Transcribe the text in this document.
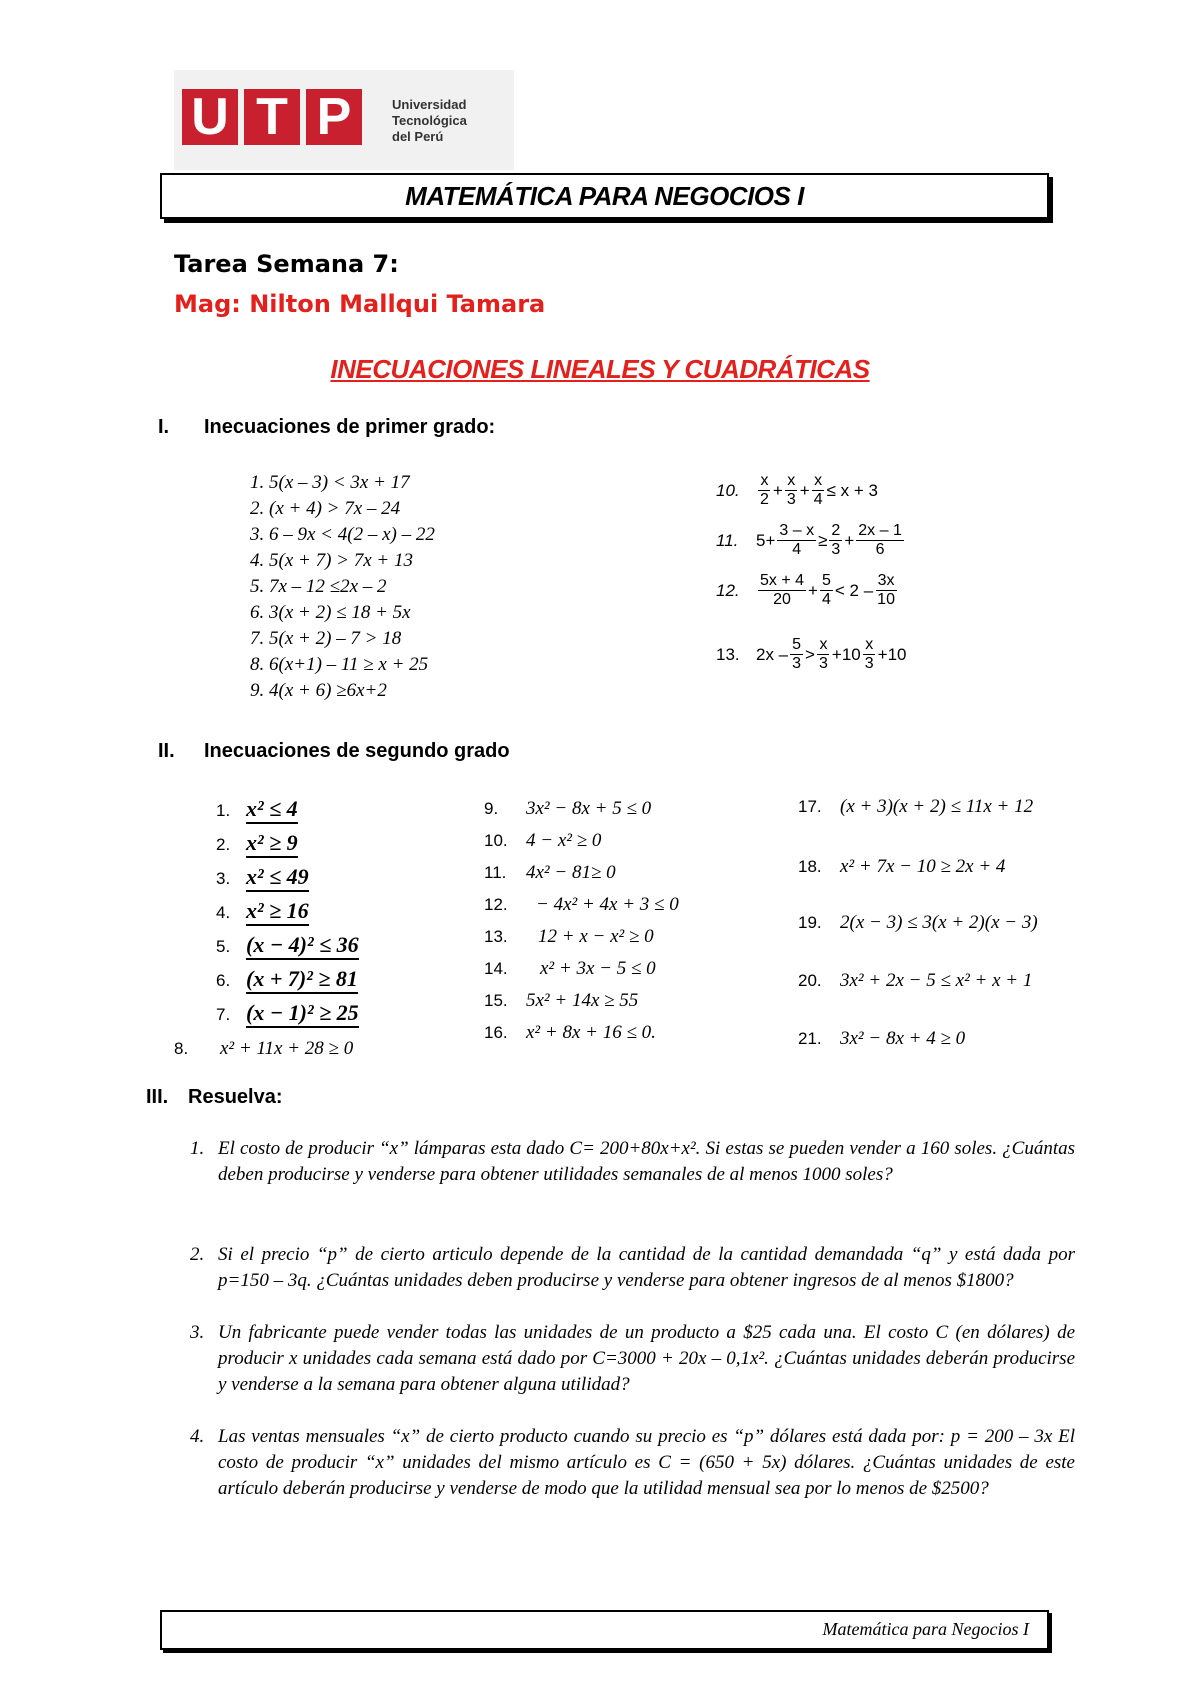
U T P	Universidad
Tecnológica
del Perú
MATEMÁTICA PARA NEGOCIOS I
Tarea Semana 7:
Mag: Nilton Mallqui Tamara
INECUACIONES LINEALES Y CUADRÁTICAS
I. Inecuaciones de primer grado:
1. 5(x – 3) < 3x + 17
2. (x + 4) > 7x – 24
3. 6 – 9x < 4(2 – x) – 22
4. 5(x + 7) > 7x + 13
5. 7x – 12 ≤2x – 2
6. 3(x + 2) ≤ 18 + 5x
7. 5(x + 2) – 7 > 18
8. 6(x+1) – 11 ≥ x + 25
9. 4(x + 6) ≥6x+2
10.	$\frac{x}{2} + \frac{x}{3} + \frac{x}{4} \le x + 3$
11.	$5+ \frac{3 - x}{4} \ge \frac{2}{3} + \frac{2x - 1}{6}$
12.	$\frac{5x + 4}{20} + \frac{5}{4} < 2 - \frac{3x}{10}$
13. $2x - \frac{5}{3} > \frac{x}{3} +10 \frac{x}{3} +10$
II. Inecuaciones de segundo grado
1. x² ≤ 4
2. x² ≥ 9
3. x² ≤ 49
4. x² ≥ 16
5. (x − 4)² ≤ 36
6. (x + 7)² ≥ 81
7. (x − 1)² ≥ 25
8. x² + 11x + 28 ≥ 0
9. 3x² − 8x + 5 ≤ 0
10. 4 − x² ≥ 0
11. 4x² − 81≥ 0
12. − 4x² + 4x + 3 ≤ 0
13. 12 + x − x² ≥ 0
14. x² + 3x − 5 ≤ 0
15. 5x² + 14x ≥ 55
16. x² + 8x + 16 ≤ 0.
17. (x + 3)(x + 2) ≤ 11x + 12
18. x² + 7x − 10 ≥ 2x + 4
19. 2(x − 3) ≤ 3(x + 2)(x − 3)
20. 3x² + 2x − 5 ≤ x² + x + 1
21. 3x² − 8x + 4 ≥ 0
III. Resuelva:
1. El costo de producir “x” lámparas esta dado C= 200+80x+x². Si estas se pueden vender a 160 soles. ¿Cuántas deben producirse y venderse para obtener utilidades semanales de al menos 1000 soles?
2. Si el precio “p” de cierto articulo depende de la cantidad de la cantidad demandada “q” y está dada por p=150 – 3q. ¿Cuántas unidades deben producirse y venderse para obtener ingresos de al menos $1800?
3. Un fabricante puede vender todas las unidades de un producto a $25 cada una. El costo C (en dólares) de producir x unidades cada semana está dado por C=3000 + 20x – 0,1x². ¿Cuántas unidades deberán producirse y venderse a la semana para obtener alguna utilidad?
4. Las ventas mensuales “x” de cierto producto cuando su precio es “p” dólares está dada por: p = 200 – 3x El costo de producir “x” unidades del mismo artículo es C = (650 + 5x) dólares. ¿Cuántas unidades de este artículo deberán producirse y venderse de modo que la utilidad mensual sea por lo menos de $2500?
Matemática para Negocios I
